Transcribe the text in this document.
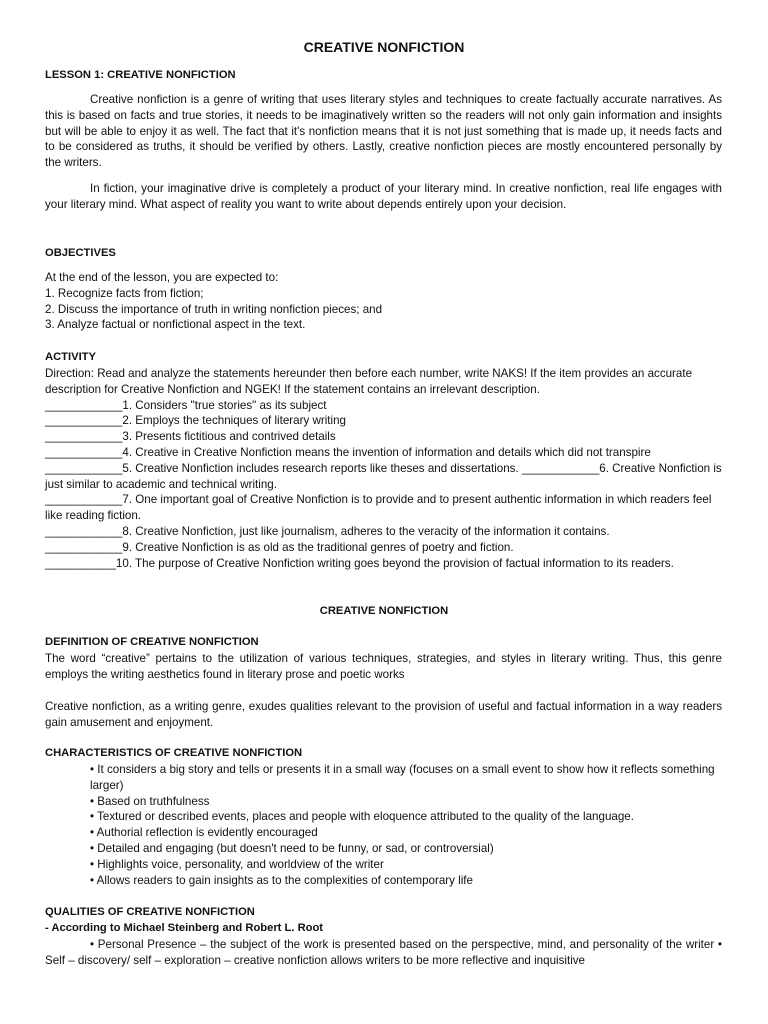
CREATIVE NONFICTION
LESSON 1: CREATIVE NONFICTION

Creative nonfiction is a genre of writing that uses literary styles and techniques to create factually accurate narratives. As this is based on facts and true stories, it needs to be imaginatively written so the readers will not only gain information and insights but will be able to enjoy it as well. The fact that it's nonfiction means that it is not just something that is made up, it needs facts and to be considered as truths, it should be verified by others. Lastly, creative nonfiction pieces are mostly encountered personally by the writers.

In fiction, your imaginative drive is completely a product of your literary mind. In creative nonfiction, real life engages with your literary mind. What aspect of reality you want to write about depends entirely upon your decision.

OBJECTIVES
At the end of the lesson, you are expected to:
1. Recognize facts from fiction;
2. Discuss the importance of truth in writing nonfiction pieces; and
3. Analyze factual or nonfictional aspect in the text.
ACTIVITY
Direction: Read and analyze the statements hereunder then before each number, write NAKS! If the item provides an accurate description for Creative Nonfiction and NGEK! If the statement contains an irrelevant description.
____________1. Considers "true stories" as its subject
____________2. Employs the techniques of literary writing
____________3. Presents fictitious and contrived details
____________4. Creative in Creative Nonfiction means the invention of information and details which did not transpire
____________5. Creative Nonfiction includes research reports like theses and dissertations. ____________6. Creative Nonfiction is just similar to academic and technical writing.
____________7. One important goal of Creative Nonfiction is to provide and to present authentic information in which readers feel like reading fiction.
____________8. Creative Nonfiction, just like journalism, adheres to the veracity of the information it contains.
____________9. Creative Nonfiction is as old as the traditional genres of poetry and fiction.
___________10. The purpose of Creative Nonfiction writing goes beyond the provision of factual information to its readers.
CREATIVE NONFICTION
DEFINITION OF CREATIVE NONFICTION

The word “creative” pertains to the utilization of various techniques, strategies, and styles in literary writing. Thus, this genre employs the writing aesthetics found in literary prose and poetic works

Creative nonfiction, as a writing genre, exudes qualities relevant to the provision of useful and factual information in a way readers gain amusement and enjoyment.

CHARACTERISTICS OF CREATIVE NONFICTION
• It considers a big story and tells or presents it in a small way (focuses on a small event to show how it reflects something larger)
• Based on truthfulness
• Textured or described events, places and people with eloquence attributed to the quality of the language.
• Authorial reflection is evidently encouraged
• Detailed and engaging (but doesn't need to be funny, or sad, or controversial)
• Highlights voice, personality, and worldview of the writer
• Allows readers to gain insights as to the complexities of contemporary life
QUALITIES OF CREATIVE NONFICTION
- According to Michael Steinberg and Robert L. Root

• Personal Presence – the subject of the work is presented based on the perspective, mind, and personality of the writer • Self – discovery/ self – exploration – creative nonfiction allows writers to be more reflective and inquisitive
